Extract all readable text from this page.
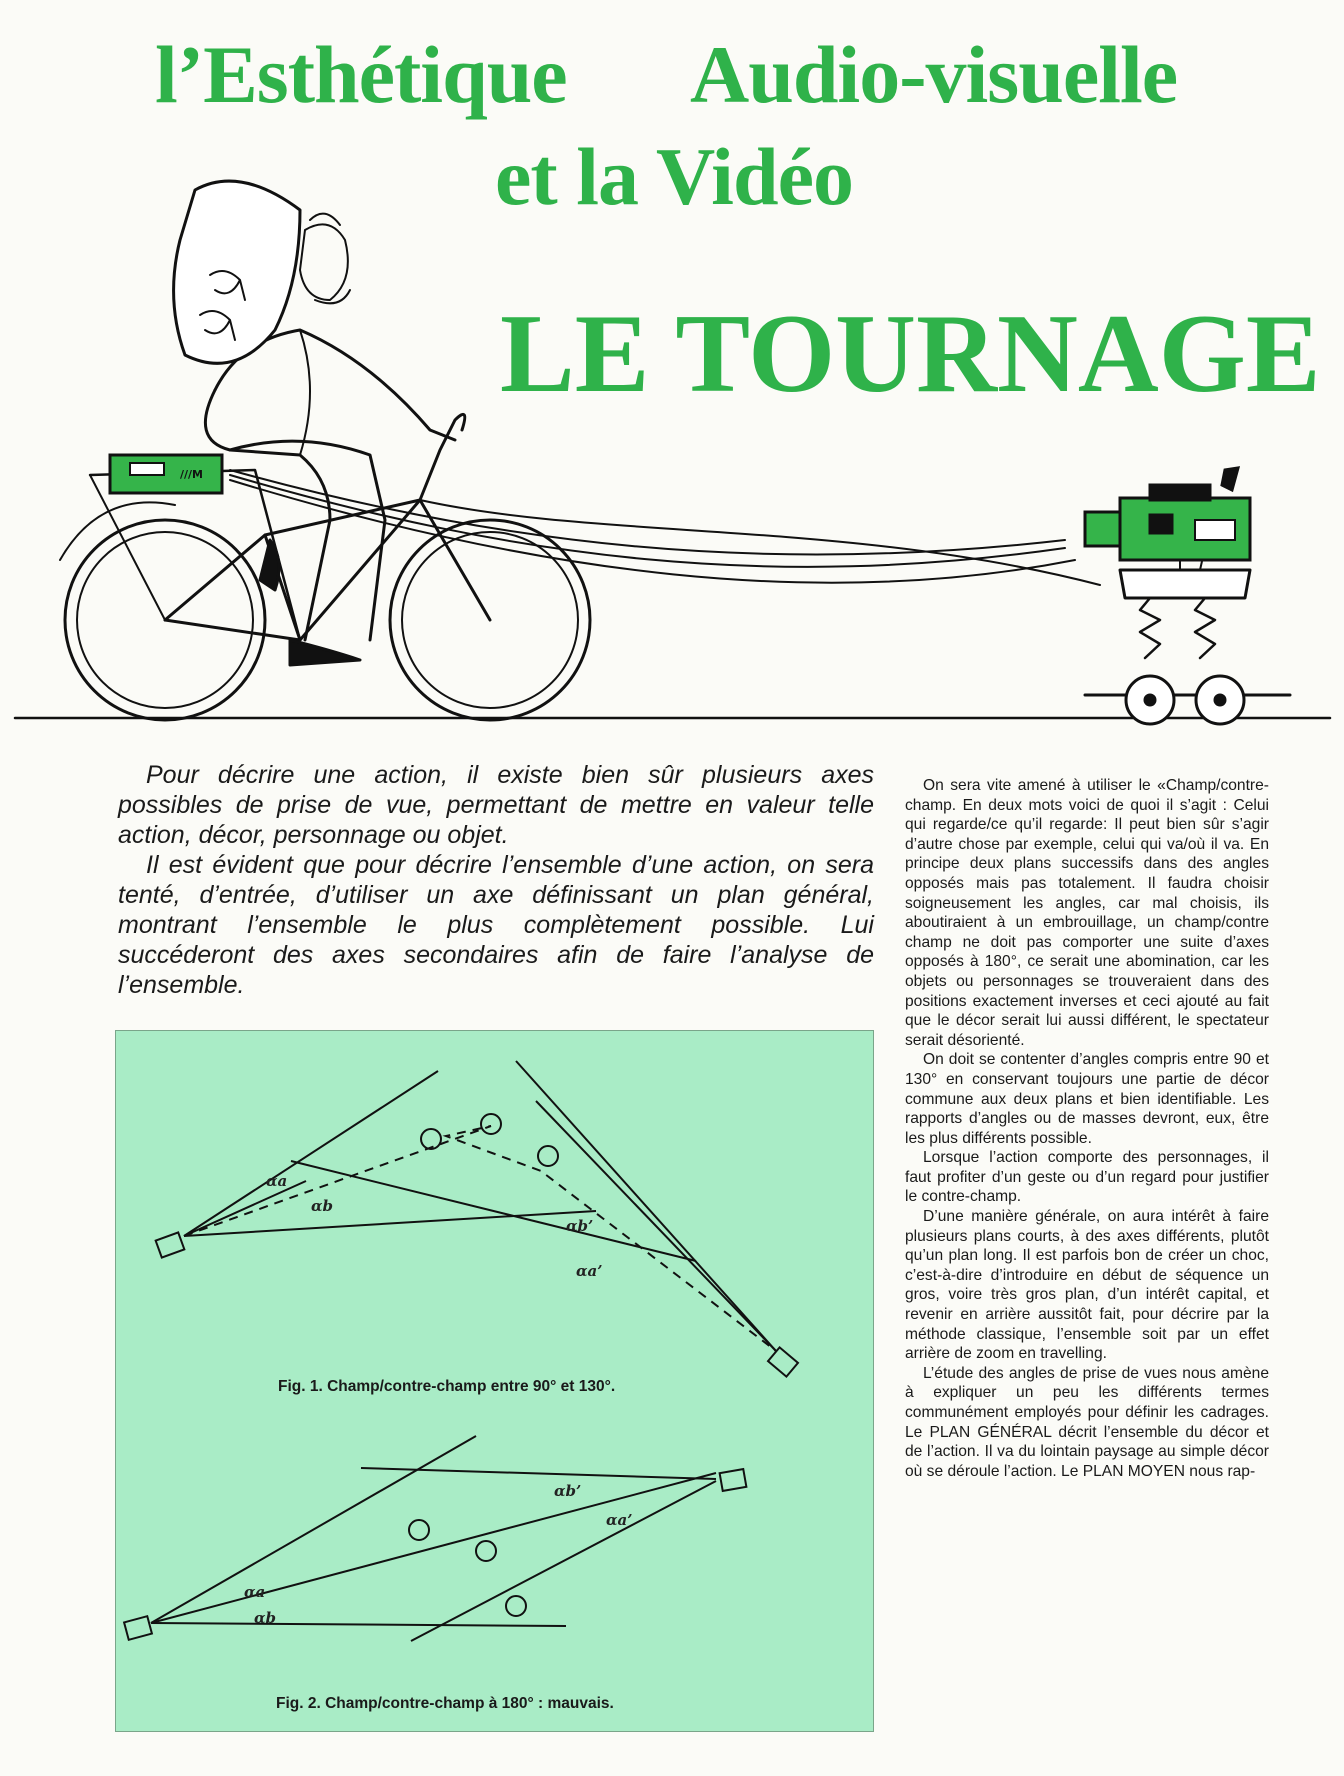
l’Esthétique Audio-visuelle
et la Vidéo
LE TOURNAGE
///M

Pour décrire une action, il existe bien sûr plusieurs axes possibles de prise de vue, permettant de mettre en valeur telle action, décor, personnage ou objet.

Il est évident que pour décrire l’ensemble d’une action, on sera tenté, d’entrée, d’utiliser un axe définissant un plan général, montrant l’ensemble le plus complètement possible. Lui succéderont des axes secondaires afin de faire l’analyse de l’ensemble.

On sera vite amené à utiliser le «Champ/contre-champ. En deux mots voici de quoi il s’agit : Celui qui regarde/ce qu’il regarde: Il peut bien sûr s’agir d’autre chose par exemple, celui qui va/où il va. En principe deux plans successifs dans des angles opposés mais pas totalement. Il faudra choisir soigneusement les angles, car mal choisis, ils aboutiraient à un embrouillage, un champ/contre champ ne doit pas comporter une suite d’axes opposés à 180°, ce serait une abomination, car les objets ou personnages se trouveraient dans des positions exactement inverses et ceci ajouté au fait que le décor serait lui aussi différent, le spectateur serait désorienté.

On doit se contenter d’angles compris entre 90 et 130° en conservant toujours une partie de décor commune aux deux plans et bien identifiable. Les rapports d’angles ou de masses devront, eux, être les plus différents possible.

Lorsque l’action comporte des personnages, il faut profiter d’un geste ou d’un regard pour justifier le contre-champ.

D’une manière générale, on aura intérêt à faire plusieurs plans courts, à des axes différents, plutôt qu’un plan long. Il est parfois bon de créer un choc, c’est-à-dire d’introduire en début de séquence un gros, voire très gros plan, d’un intérêt capital, et revenir en arrière aussitôt fait, pour décrire par la méthode classique, l’ensemble soit par un effet arrière de zoom en travelling.

L’étude des angles de prise de vues nous amène à expliquer un peu les différents termes communément employés pour définir les cadrages. Le PLAN GÉNÉRAL décrit l’ensemble du décor et de l’action. Il va du lointain paysage au simple décor où se déroule l’action. Le PLAN MOYEN nous rap-

αa
αb
αb’
αa’
αa
αb
αb’
αa’
Fig. 1. Champ/contre-champ entre 90° et 130°.
Fig. 2. Champ/contre-champ à 180° : mauvais.
